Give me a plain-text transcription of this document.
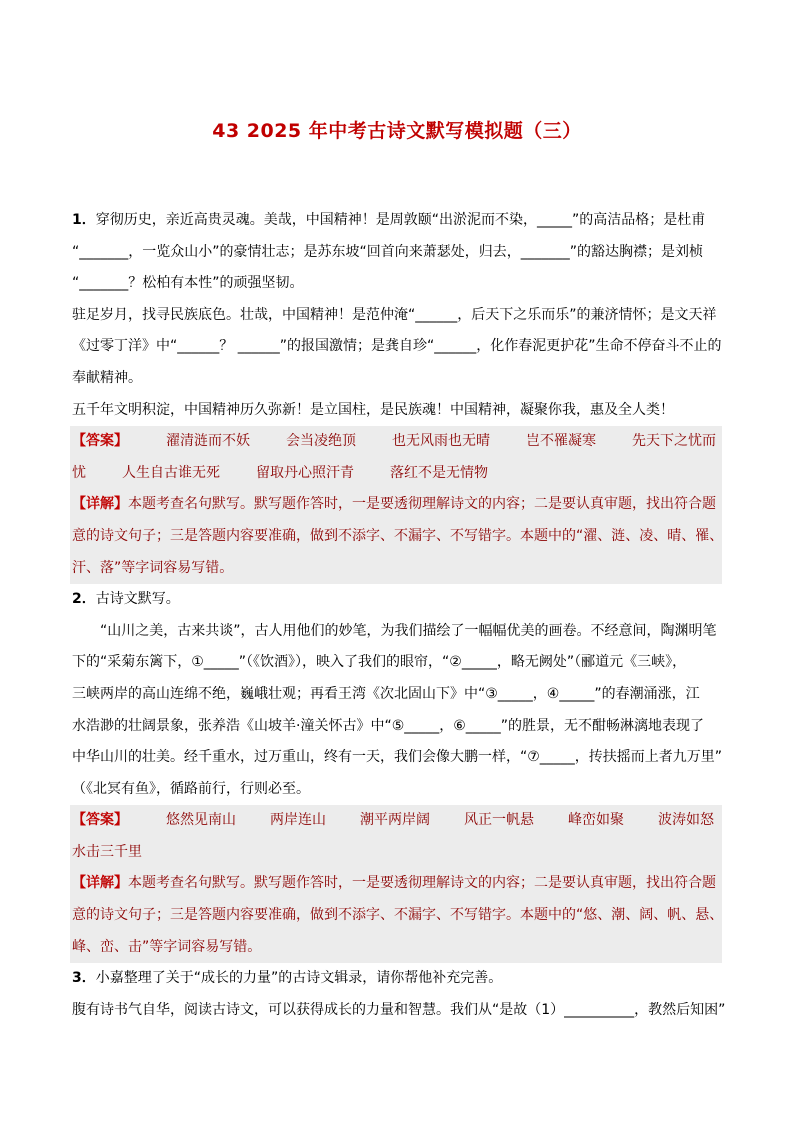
43 2025 年中考古诗文默写模拟题（三）

1．穿彻历史，亲近高贵灵魂。美哉，中国精神！是周敦颐“出淤泥而不染，_____”的高洁品格；是杜甫

“_______，一览众山小”的豪情壮志；是苏东坡“回首向来萧瑟处，归去，_______”的豁达胸襟；是刘桢

“_______？松柏有本性”的顽强坚韧。

驻足岁月，找寻民族底色。壮哉，中国精神！是范仲淹“______，后天下之乐而乐”的兼济情怀；是文天祥

《过零丁洋》中“______？ ______”的报国激情；是龚自珍“______，化作春泥更护花”生命不停奋斗不止的

奉献精神。

五千年文明积淀，中国精神历久弥新！是立国柱，是民族魂！中国精神，凝聚你我，惠及全人类！

【答案】	濯清涟而不妖	会当凌绝顶	也无风雨也无晴	岂不罹凝寒	先天下之忧而

忧	人生自古谁无死	留取丹心照汗青	落红不是无情物

【详解】本题考查名句默写。默写题作答时，一是要透彻理解诗文的内容；二是要认真审题，找出符合题

意的诗文句子；三是答题内容要准确，做到不添字、不漏字、不写错字。本题中的“濯、涟、凌、晴、罹、

汗、落”等字词容易写错。

2．古诗文默写。

“山川之美，古来共谈”，古人用他们的妙笔，为我们描绘了一幅幅优美的画卷。不经意间，陶渊明笔

下的“采菊东篱下，①_____”（《饮酒》），映入了我们的眼帘，“②_____，略无阙处”（郦道元《三峡》，

三峡两岸的高山连绵不绝，巍峨壮观；再看王湾《次北固山下》中“③_____，④_____”的春潮涌涨，江

水浩渺的壮阔景象，张养浩《山坡羊·潼关怀古》中“⑤_____，⑥_____”的胜景，无不酣畅淋漓地表现了

中华山川的壮美。经千重水，过万重山，终有一天，我们会像大鹏一样，“⑦_____，抟扶摇而上者九万里”

（《北冥有鱼》，循路前行，行则必至。

【答案】	悠然见南山 两岸连山 潮平两岸阔 风正一帆悬 峰峦如聚 波涛如怒

水击三千里

【详解】本题考查名句默写。默写题作答时，一是要透彻理解诗文的内容；二是要认真审题，找出符合题

意的诗文句子；三是答题内容要准确，做到不添字、不漏字、不写错字。本题中的“悠、潮、阔、帆、悬、

峰、峦、击”等字词容易写错。

3．小嘉整理了关于“成长的力量”的古诗文辑录，请你帮他补充完善。

腹有诗书气自华，阅读古诗文，可以获得成长的力量和智慧。我们从“是故（1）__________，教然后知困”
